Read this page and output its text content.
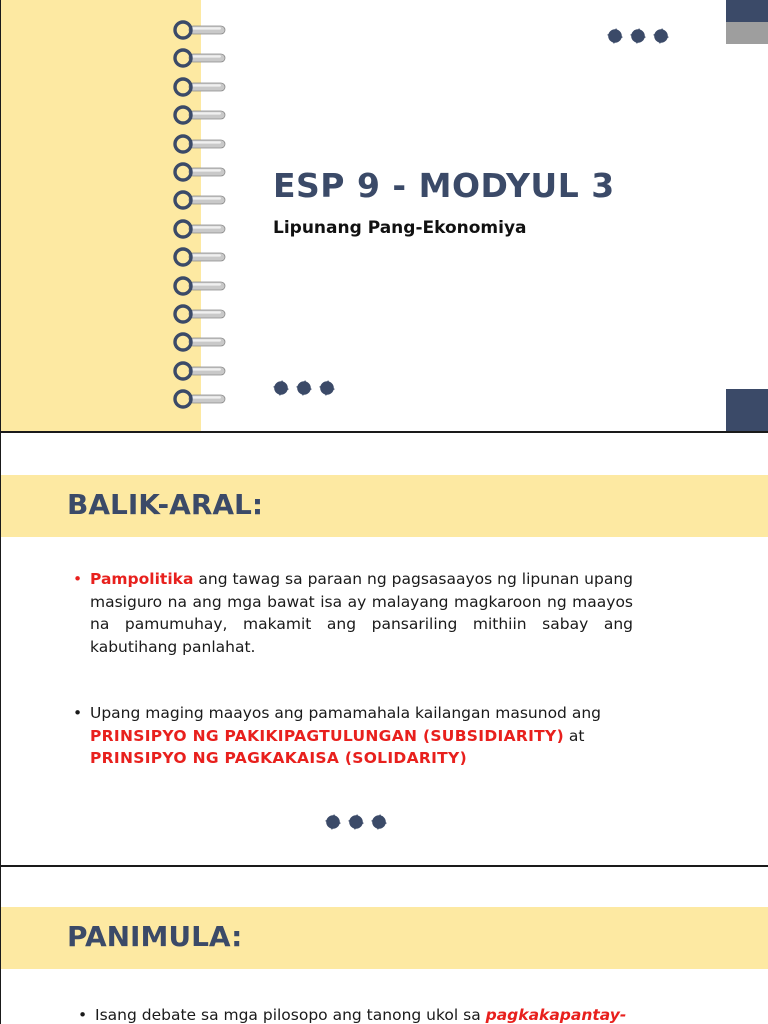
ESP 9 - MODYUL 3

Lipunang Pang-Ekonomiya

BALIK-ARAL:
• Pampolitika ang tawag sa paraan ng pagsasaayos ng lipunan upang masiguro na ang mga bawat isa ay malayang magkaroon ng maayos na pamumuhay, makamit ang pansariling mithiin sabay ang kabutihang panlahat.
• Upang maging maayos ang pamamahala kailangan masunod ang PRINSIPYO NG PAKIKIPAGTULUNGAN (SUBSIDIARITY) at PRINSIPYO NG PAGKAKAISA (SOLIDARITY)
PANIMULA:
• Isang debate sa mga pilosopo ang tanong ukol sa pagkakapantay-
